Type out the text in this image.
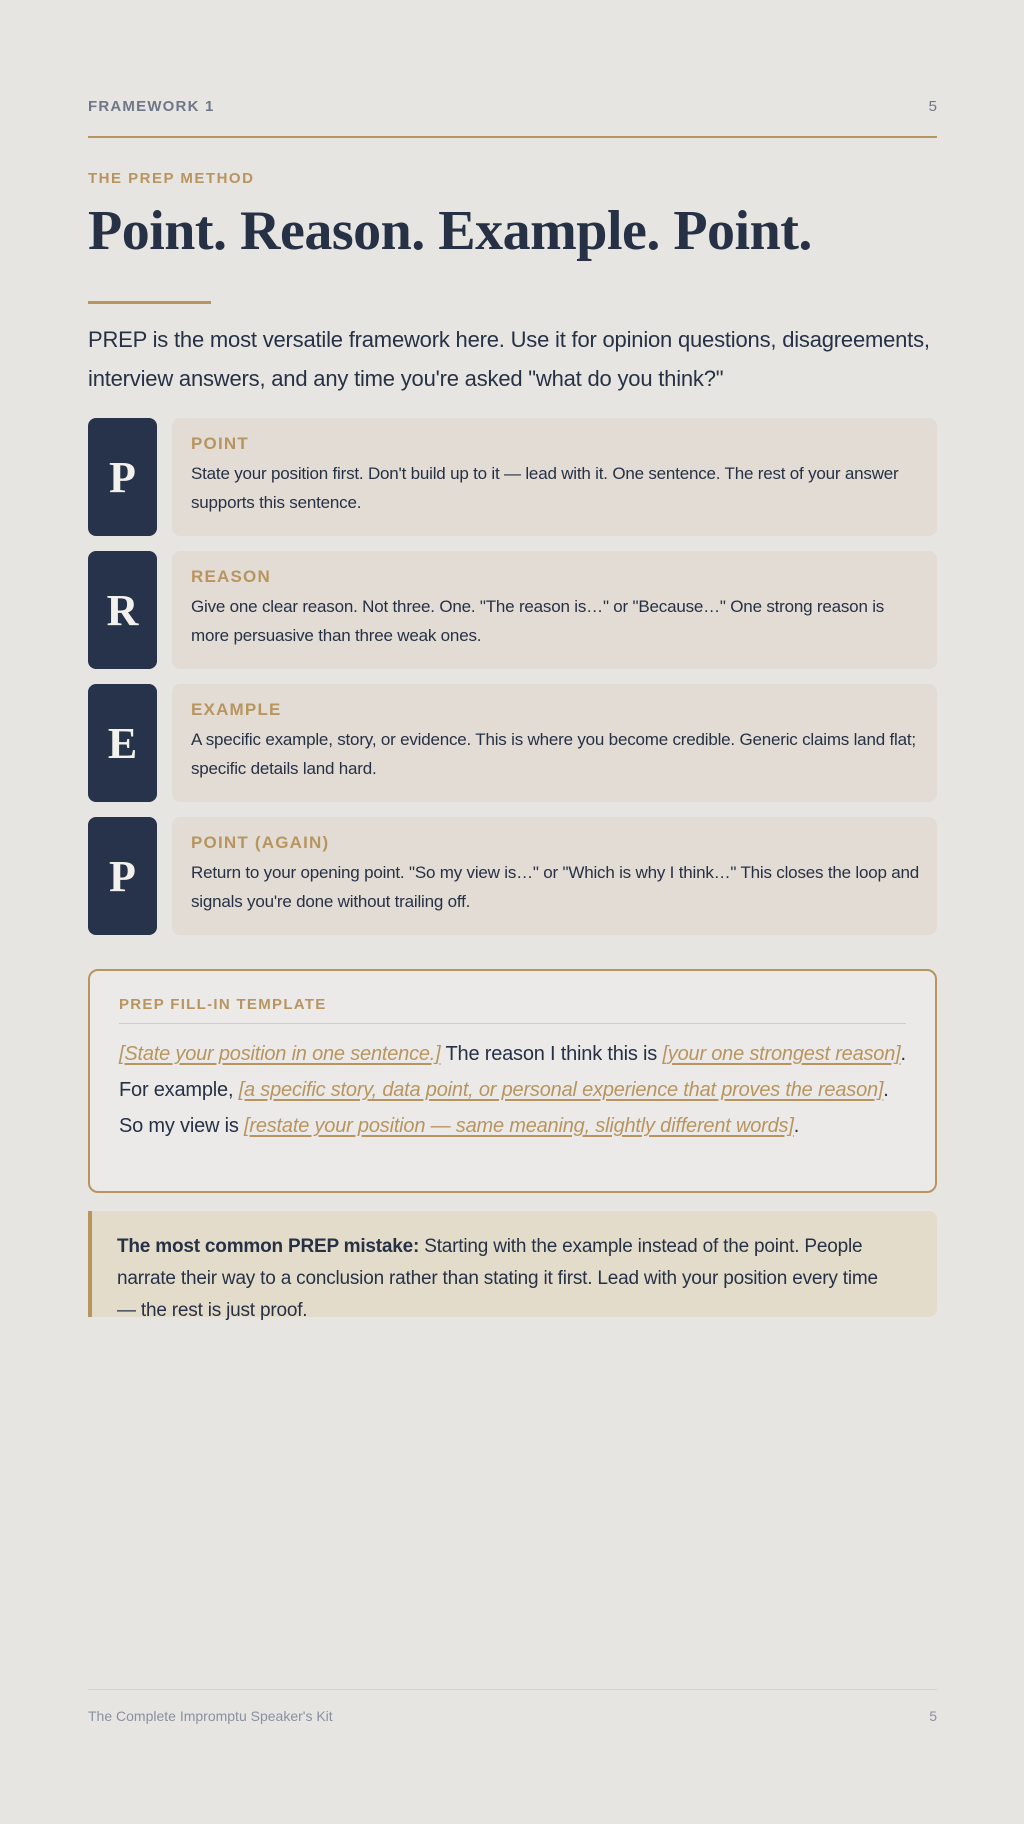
FRAMEWORK 1	5
THE PREP METHOD
Point. Reason. Example. Point.
PREP is the most versatile framework here. Use it for opinion questions, disagreements, interview answers, and any time you're asked "what do you think?"
P
POINT
State your position first. Don't build up to it — lead with it. One sentence. The rest of your answer supports this sentence.
R
REASON
Give one clear reason. Not three. One. "The reason is…" or "Because…" One strong reason is more persuasive than three weak ones.
E
EXAMPLE
A specific example, story, or evidence. This is where you become credible. Generic claims land flat; specific details land hard.
P
POINT (AGAIN)
Return to your opening point. "So my view is…" or "Which is why I think…" This closes the loop and signals you're done without trailing off.
PREP FILL-IN TEMPLATE
[State your position in one sentence.] The reason I think this is [your one strongest reason]. For example, [a specific story, data point, or personal experience that proves the reason]. So my view is [restate your position — same meaning, slightly different words].
The most common PREP mistake: Starting with the example instead of the point. People narrate their way to a conclusion rather than stating it first. Lead with your position every time — the rest is just proof.
The Complete Impromptu Speaker's Kit	5
